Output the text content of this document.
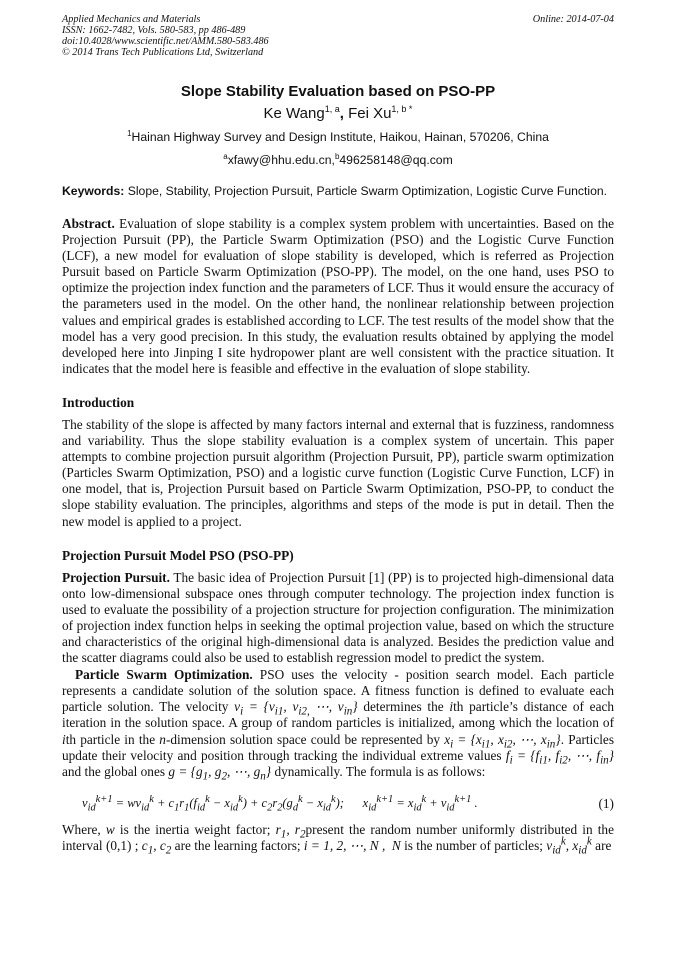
Applied Mechanics and Materials
ISSN: 1662-7482, Vols. 580-583, pp 486-489
doi:10.4028/www.scientific.net/AMM.580-583.486
© 2014 Trans Tech Publications Ltd, Switzerland
Online: 2014-07-04
Slope Stability Evaluation based on PSO-PP
Ke Wang$^{1, a}$, Fei $Xu^{1, b *}$
$^1$Hainan Highway Survey and Design Institute, Haikou, Hainan, 570206, China
$^a$xfawy@hhu.edu.cn,$^b$496258148@qq.com
Keywords: Slope, Stability, Projection Pursuit, Particle Swarm Optimization, Logistic Curve Function.
Abstract. Evaluation of slope stability is a complex system problem with uncertainties. Based on the Projection Pursuit (PP), the Particle Swarm Optimization (PSO) and the Logistic Curve Function (LCF), a new model for evaluation of slope stability is developed, which is referred as Projection Pursuit based on Particle Swarm Optimization (PSO-PP). The model, on the one hand, uses PSO to optimize the projection index function and the parameters of LCF. Thus it would ensure the accuracy of the parameters used in the model. On the other hand, the nonlinear relationship between projection values and empirical grades is established according to LCF. The test results of the model show that the model has a very good precision. In this study, the evaluation results obtained by applying the model developed here into Jinping I site hydropower plant are well consistent with the practice situation. It indicates that the model here is feasible and effective in the evaluation of slope stability.
Introduction
The stability of the slope is affected by many factors internal and external that is fuzziness, randomness and variability. Thus the slope stability evaluation is a complex system of uncertain. This paper attempts to combine projection pursuit algorithm (Projection Pursuit, PP), particle swarm optimization (Particles Swarm Optimization, PSO) and a logistic curve function (Logistic Curve Function, LCF) in one model, that is, Projection Pursuit based on Particle Swarm Optimization, PSO-PP, to conduct the slope stability evaluation. The principles, algorithms and steps of the mode is put in detail. Then the new model is applied to a project.
Projection Pursuit Model PSO (PSO-PP)
Projection Pursuit. The basic idea of Projection Pursuit [1] (PP) is to projected high-dimensional data onto low-dimensional subspace ones through computer technology. The projection index function is used to evaluate the possibility of a projection structure for projection configuration. The minimization of projection index function helps in seeking the optimal projection value, based on which the structure and characteristics of the original high-dimensional data is analyzed. Besides the prediction value and the scatter diagrams could also be used to establish regression model to predict the system.
Particle Swarm Optimization. PSO uses the velocity - position search model. Each particle represents a candidate solution of the solution space. A fitness function is defined to evaluate each particle solution. The velocity $v_i = \{v_{i1}$, $v_{i2,}$ ⋯, $v_{in}$} determines the ith particle’s distance of each iteration in the solution space. A group of random particles is initialized, among which the location of ith particle in the n-dimension solution space could be represented by $x_i = \{x_{i1}$, $x_{i2}$, ⋯, $x_{in}$}. Particles update their velocity and position through tracking the individual extreme values $f_i = \{f_{i1}$, $f_{i2}$, ⋯, $f_{in}$} and the global ones $g = \{g_1$, $g_2$, ⋯, $g_n$} dynamically. The formula is as follows:
$v_{id}^{k+1} = wv_{id}^k + c_1r_1(f_{id}^k - x_{id}^k) + c_2r_2(g_d^k - x_{id}^k)$;      $x_{id}^{k+1} = x_{id}^k + v_{id}^{k+1}$ .	(1)
Where, w is the inertia weight factor; $r_1$, $r_2present$ the random number uniformly distributed in the interval (0,1) ; $c_1$, $c_2$ are the learning factors; i = 1, 2, ⋯, N ,  N is the number of particles; $v_{id}^k$, $x_{id}^k$ are
